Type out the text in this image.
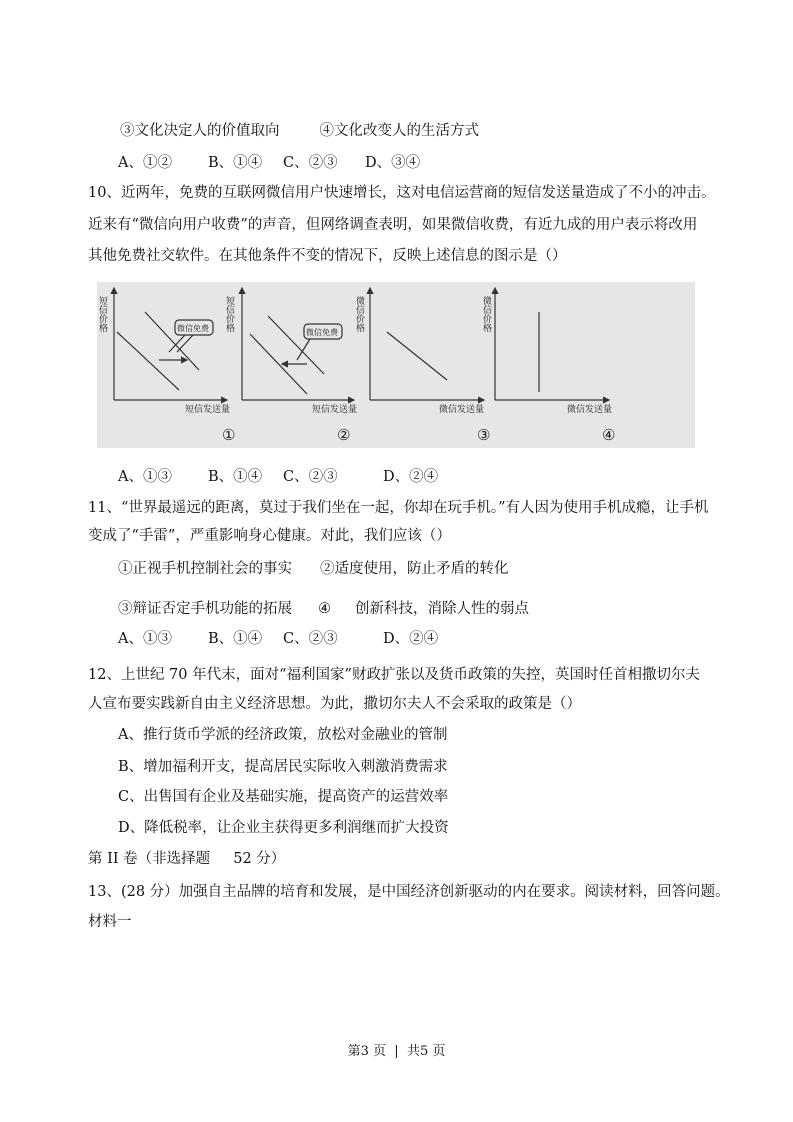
③文化决定人的价值取向	④文化改变人的生活方式
A、①② B、①④ C、②③ D、③④
10、近两年，免费的互联网微信用户快速增长，这对电信运营商的短信发送量造成了不小的冲击。
近来有“微信向用户收费”的声音，但网络调查表明，如果微信收费，有近九成的用户表示将改用
其他免费社交软件。在其他条件不变的情况下，反映上述信息的图示是（）
短信价格
短信发送量
微信免费
①
短信价格
短信发送量
微信免费
②
微信价格
微信发送量
③
微信价格
微信发送量
④
A、①③ B、①④ C、②③	D、②④
11、“世界最遥远的距离，莫过于我们坐在一起，你却在玩手机。”有人因为使用手机成瘾，让手机
变成了“手雷”，严重影响身心健康。对此，我们应该（）
①正视手机控制社会的事实 ②适度使用，防止矛盾的转化
③辩证否定手机功能的拓展 ④ 创新科技，消除人性的弱点
A、①③ B、①④ C、②③	D、②④
12、上世纪 70 年代末，面对“福利国家”财政扩张以及货币政策的失控，英国时任首相撒切尔夫
人宣布要实践新自由主义经济思想。为此，撒切尔夫人不会采取的政策是（）
A、推行货币学派的经济政策，放松对金融业的管制
B、增加福利开支，提高居民实际收入刺激消费需求
C、出售国有企业及基础实施，提高资产的运营效率
D、降低税率，让企业主获得更多利润继而扩大投资
第 II 卷（非选择题     52 分）
13、(28 分）加强自主品牌的培育和发展，是中国经济创新驱动的内在要求。阅读材料，回答问题。
材料一
第3 页  |  共5 页
